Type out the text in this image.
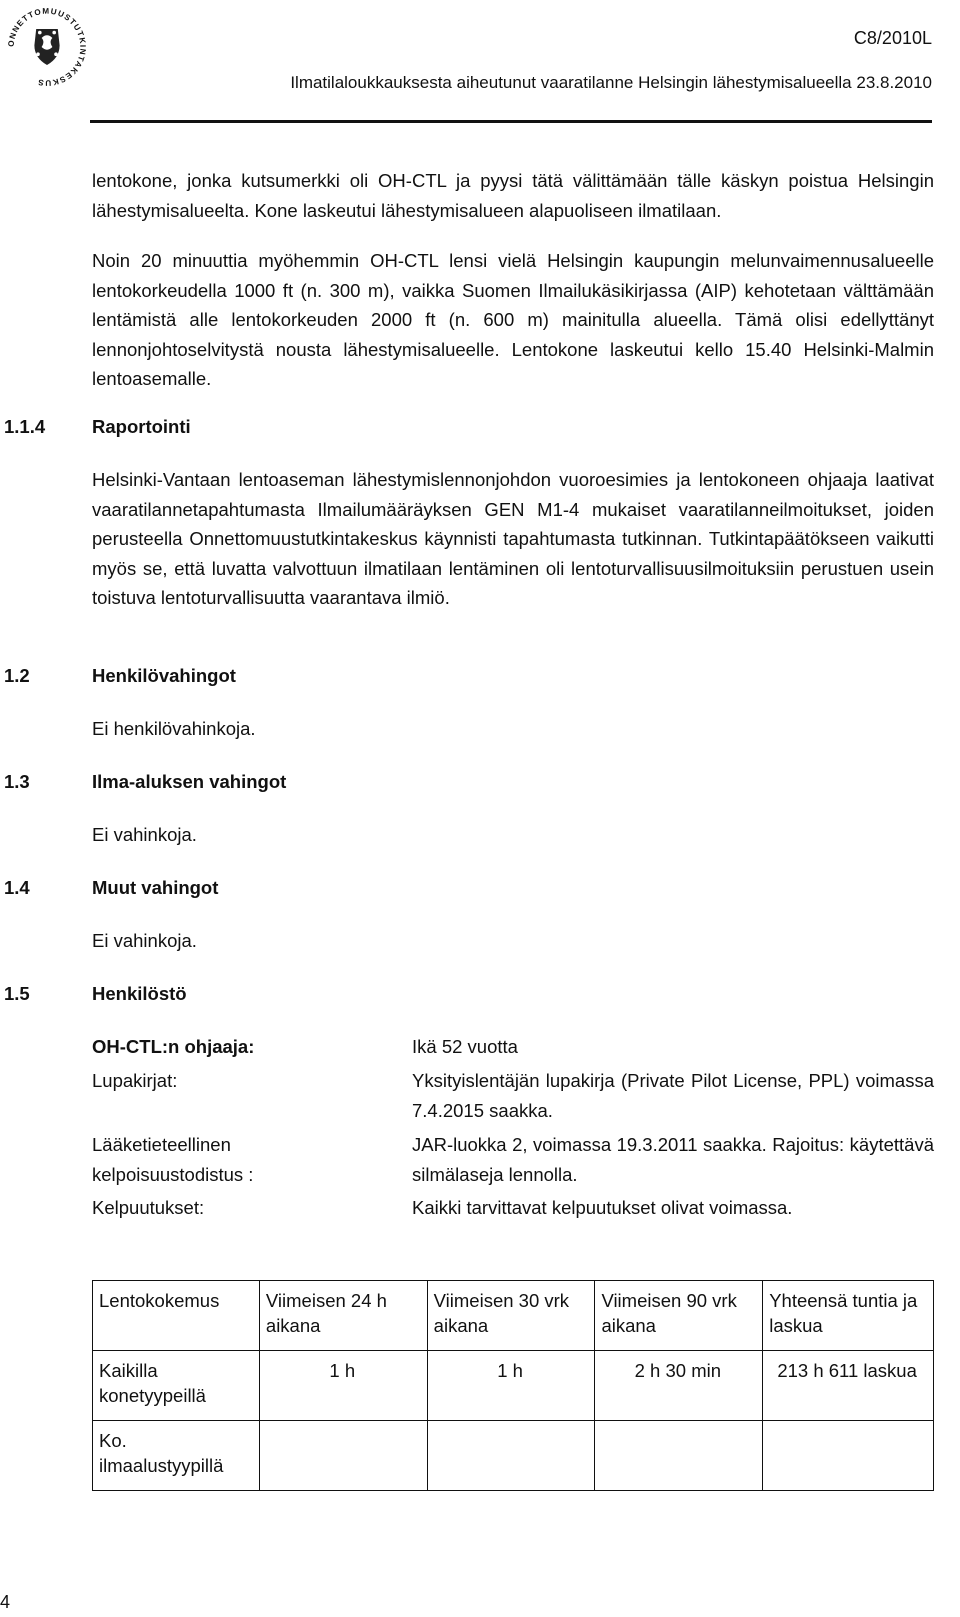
ONNETTOMUUSTUTKINTAKESKUS
C8/2010L
Ilmatilaloukkauksesta aiheutunut vaaratilanne Helsingin lähestymisalueella 23.8.2010
lentokone, jonka kutsumerkki oli OH-CTL ja pyysi tätä välittämään tälle käskyn poistua Helsingin lähestymisalueelta. Kone laskeutui lähestymisalueen alapuoliseen ilmatilaan.
Noin 20 minuuttia myöhemmin OH-CTL lensi vielä Helsingin kaupungin melunvaimennusalueelle lentokorkeudella 1000 ft (n. 300 m), vaikka Suomen Ilmailukäsikirjassa (AIP) kehotetaan välttämään lentämistä alle lentokorkeuden 2000 ft (n. 600 m) mainitulla alueella. Tämä olisi edellyttänyt lennonjohtoselvitystä nousta lähestymisalueelle. Lentokone laskeutui kello 15.40 Helsinki-Malmin lentoasemalle.
1.1.4	Raportointi
Helsinki-Vantaan lentoaseman lähestymislennonjohdon vuoroesimies ja lentokoneen ohjaaja laativat vaaratilannetapahtumasta Ilmailumääräyksen GEN M1-4 mukaiset vaaratilanneilmoitukset, joiden perusteella Onnettomuustutkintakeskus käynnisti tapahtumasta tutkinnan. Tutkintapäätökseen vaikutti myös se, että luvatta valvottuun ilmatilaan lentäminen oli lentoturvallisuusilmoituksiin perustuen usein toistuva lentoturvallisuutta vaarantava ilmiö.
1.2	Henkilövahingot
Ei henkilövahinkoja.
1.3	Ilma-aluksen vahingot
Ei vahinkoja.
1.4	Muut vahingot
Ei vahinkoja.
1.5	Henkilöstö
OH-CTL:n ohjaaja:	Ikä 52 vuotta
Lupakirjat:	Yksityislentäjän lupakirja (Private Pilot License, PPL) voimassa 7.4.2015 saakka.
Lääketieteellinen
kelpoisuustodistus :
JAR-luokka 2, voimassa 19.3.2011 saakka. Rajoitus: käytettävä silmälaseja lennolla.
Kelpuutukset:	Kaikki tarvittavat kelpuutukset olivat voimassa.
Lentokokemus	Viimeisen 24 h aikana	Viimeisen 30 vrk aikana	Viimeisen 90 vrk aikana	Yhteensä tuntia ja laskua
Kaikilla konetyypeillä	1 h	1 h	2 h 30 min	213 h 611 laskua
Ko. ilmaalustyypillä				
4
